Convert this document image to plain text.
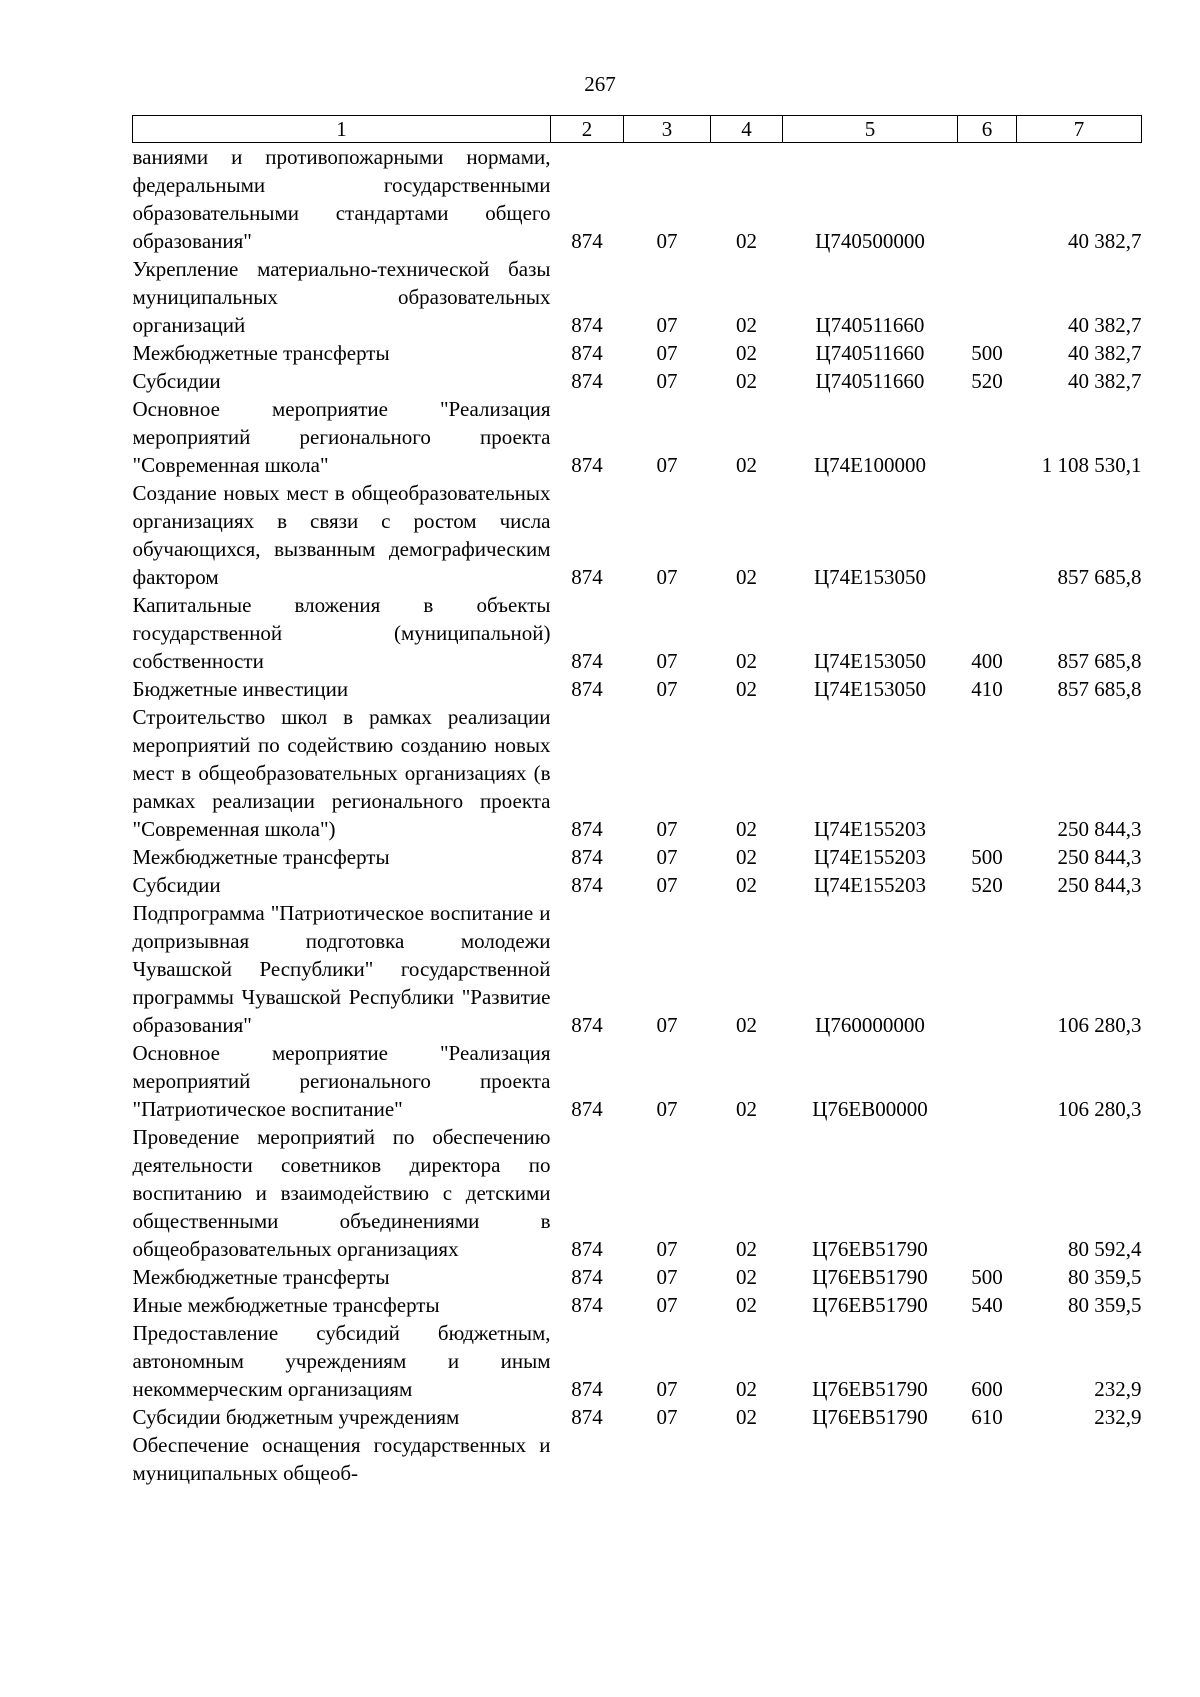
267
1	2	3	4	5	6	7
ваниями и противопожарными нормами, федеральными государственными образовательными стандартами общего образования"	874	07	02	Ц740500000		40 382,7
Укрепление материально-технической базы муниципальных образовательных организаций	874	07	02	Ц740511660		40 382,7
Межбюджетные трансферты	874	07	02	Ц740511660	500	40 382,7
Субсидии	874	07	02	Ц740511660	520	40 382,7
Основное мероприятие "Реализация мероприятий регионального проекта "Современная школа"	874	07	02	Ц74Е100000		1 108 530,1
Создание новых мест в общеобразовательных организациях в связи с ростом числа обучающихся, вызванным демографическим фактором	874	07	02	Ц74Е153050		857 685,8
Капитальные вложения в объекты государственной (муниципальной) собственности	874	07	02	Ц74Е153050	400	857 685,8
Бюджетные инвестиции	874	07	02	Ц74Е153050	410	857 685,8
Строительство школ в рамках реализации мероприятий по содействию созданию новых мест в общеобразовательных организациях (в рамках реализации регионального проекта "Современная школа")	874	07	02	Ц74Е155203		250 844,3
Межбюджетные трансферты	874	07	02	Ц74Е155203	500	250 844,3
Субсидии	874	07	02	Ц74Е155203	520	250 844,3
Подпрограмма "Патриотическое воспитание и допризывная подготовка молодежи Чувашской Республики" государственной программы Чувашской Республики "Развитие образования"	874	07	02	Ц760000000		106 280,3
Основное мероприятие "Реализация мероприятий регионального проекта "Патриотическое воспитание"	874	07	02	Ц76ЕВ00000		106 280,3
Проведение мероприятий по обеспечению деятельности советников директора по воспитанию и взаимодействию с детскими общественными объединениями в общеобразовательных организациях	874	07	02	Ц76ЕВ51790		80 592,4
Межбюджетные трансферты	874	07	02	Ц76ЕВ51790	500	80 359,5
Иные межбюджетные трансферты	874	07	02	Ц76ЕВ51790	540	80 359,5
Предоставление субсидий бюджетным, автономным учреждениям и иным некоммерческим организациям	874	07	02	Ц76ЕВ51790	600	232,9
Субсидии бюджетным учреждениям	874	07	02	Ц76ЕВ51790	610	232,9
Обеспечение оснащения государственных и муниципальных общеоб-						
